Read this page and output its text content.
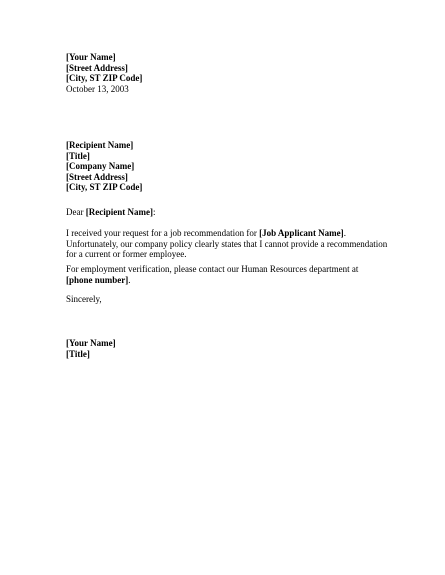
[Your Name]
[Street Address]
[City, ST ZIP Code]
October 13, 2003
[Recipient Name]
[Title]
[Company Name]
[Street Address]
[City, ST ZIP Code]
Dear [Recipient Name]:
I received your request for a job recommendation for [Job Applicant Name].
Unfortunately, our company policy clearly states that I cannot provide a recommendation
for a current or former employee.
For employment verification, please contact our Human Resources department at
[phone number].
Sincerely,
[Your Name]
[Title]
